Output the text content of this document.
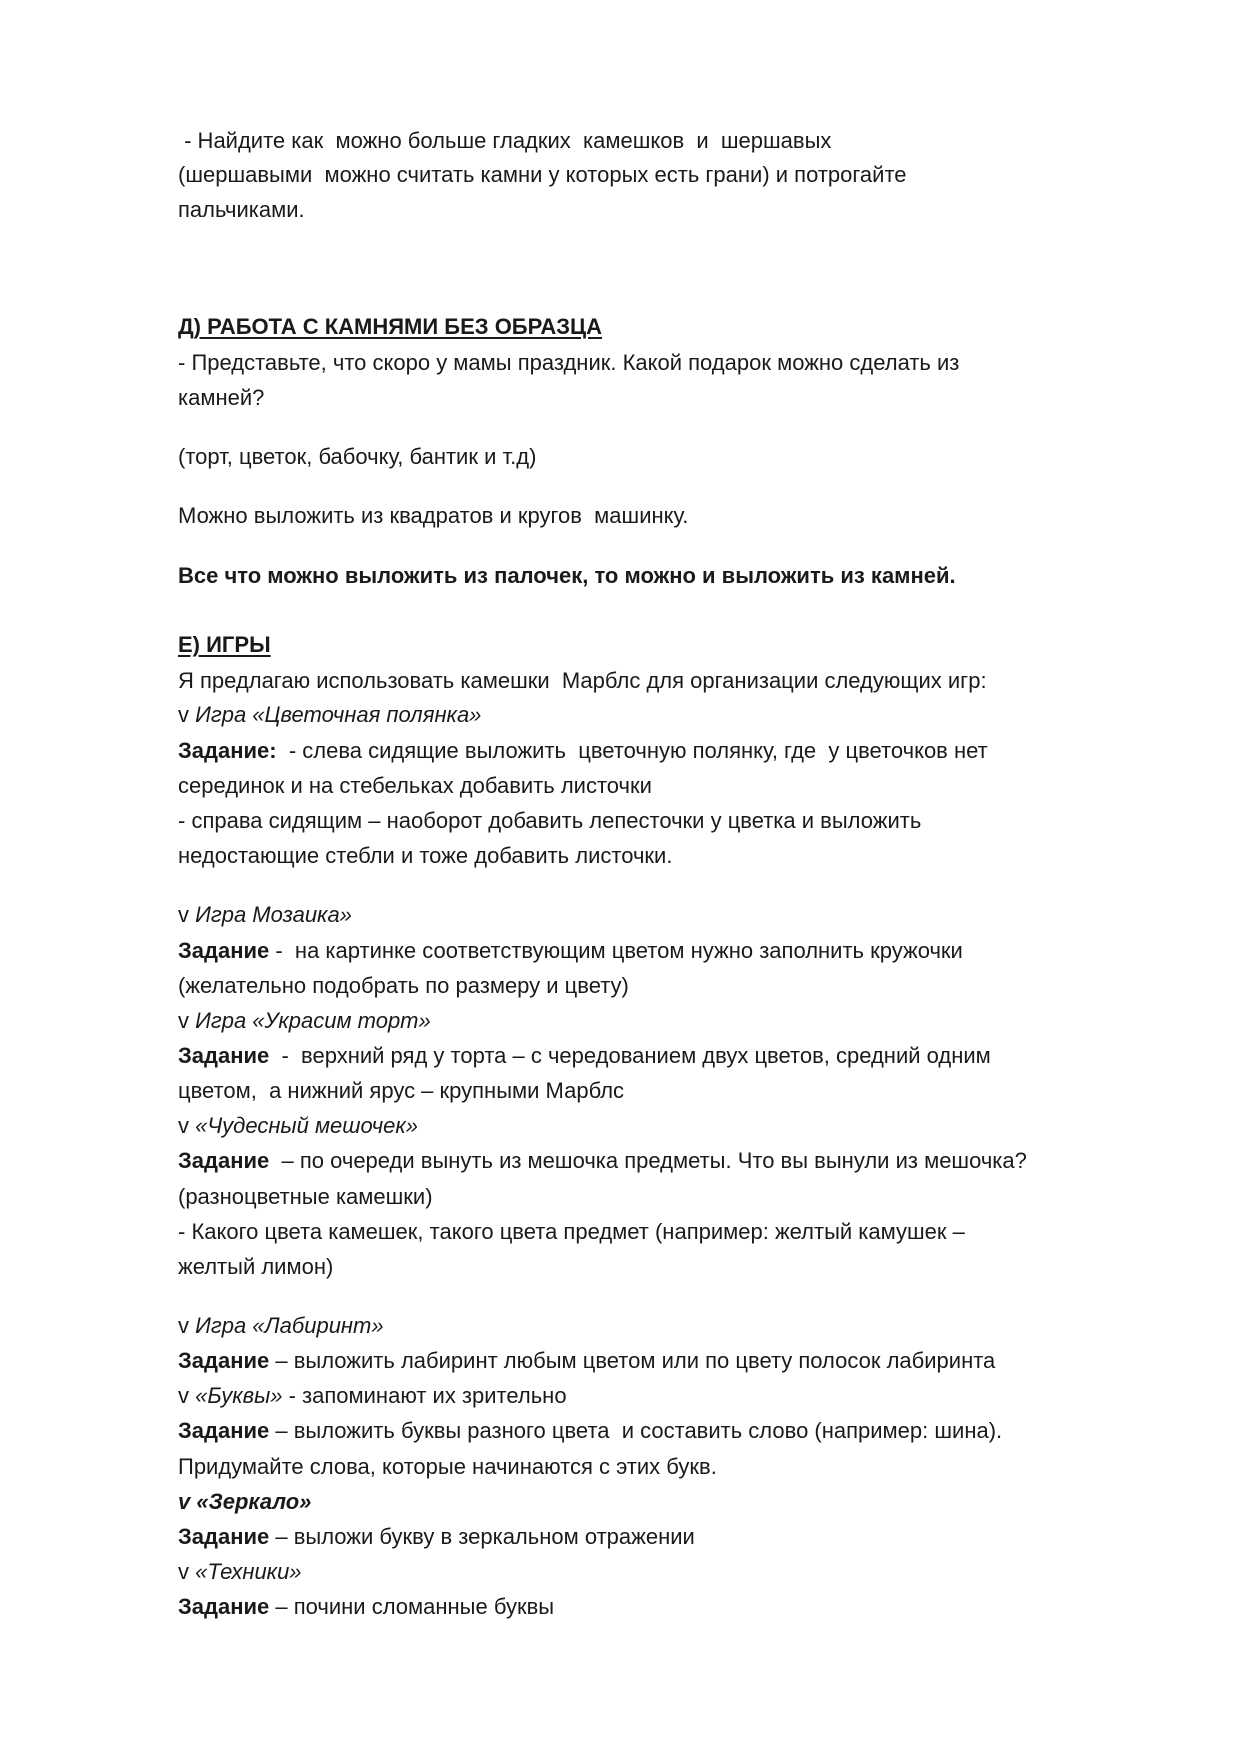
- Найдите как  можно больше гладких  камешков  и  шершавых
(шершавыми  можно считать камни у которых есть грани) и потрогайте
пальчиками.
Д) РАБОТА С КАМНЯМИ БЕЗ ОБРАЗЦА
- Представьте, что скоро у мамы праздник. Какой подарок можно сделать из
камней?
(торт, цветок, бабочку, бантик и т.д)
Можно выложить из квадратов и кругов  машинку.
Все что можно выложить из палочек, то можно и выложить из камней.
Е) ИГРЫ
Я предлагаю использовать камешки  Марблс для организации следующих игр:
v Игра «Цветочная полянка»
Задание:  - слева сидящие выложить  цветочную полянку, где  у цветочков нет
серединок и на стебельках добавить листочки
- справа сидящим – наоборот добавить лепесточки у цветка и выложить
недостающие стебли и тоже добавить листочки.
v Игра Мозаика»
Задание -  на картинке соответствующим цветом нужно заполнить кружочки
(желательно подобрать по размеру и цвету)
v Игра «Украсим торт»
Задание  -  верхний ряд у торта – с чередованием двух цветов, средний одним
цветом,  а нижний ярус – крупными Марблс
v «Чудесный мешочек»
Задание  – по очереди вынуть из мешочка предметы. Что вы вынули из мешочка?
(разноцветные камешки)
- Какого цвета камешек, такого цвета предмет (например: желтый камушек –
желтый лимон)
v Игра «Лабиринт»
Задание – выложить лабиринт любым цветом или по цвету полосок лабиринта
v «Буквы» - запоминают их зрительно
Задание – выложить буквы разного цвета  и составить слово (например: шина).
Придумайте слова, которые начинаются с этих букв.
v «Зеркало»
Задание – выложи букву в зеркальном отражении
v «Техники»
Задание – почини сломанные буквы
